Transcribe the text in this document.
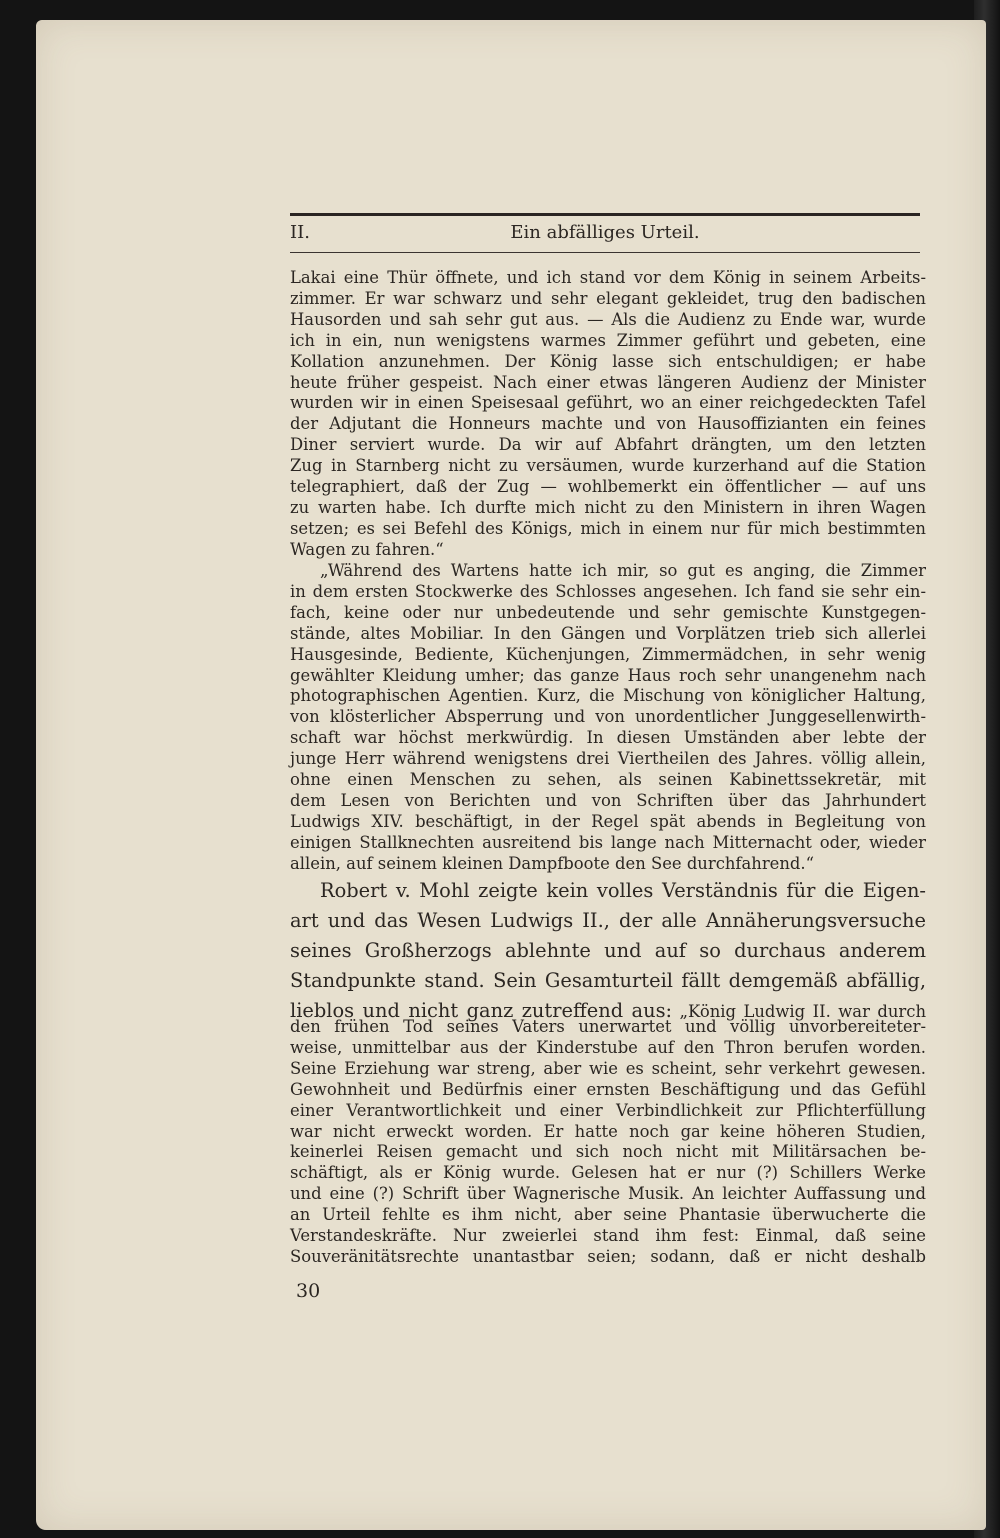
II.	Ein abfälliges Urteil.
Lakai eine Thür öffnete, und ich stand vor dem König in seinem Arbeits-
zimmer. Er war schwarz und sehr elegant gekleidet, trug den badischen
Hausorden und sah sehr gut aus. — Als die Audienz zu Ende war, wurde
ich in ein, nun wenigstens warmes Zimmer geführt und gebeten, eine
Kollation anzunehmen. Der König lasse sich entschuldigen; er habe
heute früher gespeist. Nach einer etwas längeren Audienz der Minister
wurden wir in einen Speisesaal geführt, wo an einer reichgedeckten Tafel
der Adjutant die Honneurs machte und von Hausoffizianten ein feines
Diner serviert wurde. Da wir auf Abfahrt drängten, um den letzten
Zug in Starnberg nicht zu versäumen, wurde kurzerhand auf die Station
telegraphiert, daß der Zug — wohlbemerkt ein öffentlicher — auf uns
zu warten habe. Ich durfte mich nicht zu den Ministern in ihren Wagen
setzen; es sei Befehl des Königs, mich in einem nur für mich bestimmten
Wagen zu fahren.“
„Während des Wartens hatte ich mir, so gut es anging, die Zimmer
in dem ersten Stockwerke des Schlosses angesehen. Ich fand sie sehr ein-
fach, keine oder nur unbedeutende und sehr gemischte Kunstgegen-
stände, altes Mobiliar. In den Gängen und Vorplätzen trieb sich allerlei
Hausgesinde, Bediente, Küchenjungen, Zimmermädchen, in sehr wenig
gewählter Kleidung umher; das ganze Haus roch sehr unangenehm nach
photographischen Agentien. Kurz, die Mischung von königlicher Haltung,
von klösterlicher Absperrung und von unordentlicher Junggesellenwirth-
schaft war höchst merkwürdig. In diesen Umständen aber lebte der
junge Herr während wenigstens drei Viertheilen des Jahres. völlig allein,
ohne einen Menschen zu sehen, als seinen Kabinettssekretär, mit
dem Lesen von Berichten und von Schriften über das Jahrhundert
Ludwigs XIV. beschäftigt, in der Regel spät abends in Begleitung von
einigen Stallknechten ausreitend bis lange nach Mitternacht oder, wieder
allein, auf seinem kleinen Dampfboote den See durchfahrend.“
Robert v. Mohl zeigte kein volles Verständnis für die Eigen-
art und das Wesen Ludwigs II., der alle Annäherungsversuche
seines Großherzogs ablehnte und auf so durchaus anderem
Standpunkte stand. Sein Gesamturteil fällt demgemäß abfällig,
lieblos und nicht ganz zutreffend aus: „König Ludwig II. war durch
den frühen Tod seines Vaters unerwartet und völlig unvorbereiteter-
weise, unmittelbar aus der Kinderstube auf den Thron berufen worden.
Seine Erziehung war streng, aber wie es scheint, sehr verkehrt gewesen.
Gewohnheit und Bedürfnis einer ernsten Beschäftigung und das Gefühl
einer Verantwortlichkeit und einer Verbindlichkeit zur Pflichterfüllung
war nicht erweckt worden. Er hatte noch gar keine höheren Studien,
keinerlei Reisen gemacht und sich noch nicht mit Militärsachen be-
schäftigt, als er König wurde. Gelesen hat er nur (?) Schillers Werke
und eine (?) Schrift über Wagnerische Musik. An leichter Auffassung und
an Urteil fehlte es ihm nicht, aber seine Phantasie überwucherte die
Verstandeskräfte. Nur zweierlei stand ihm fest: Einmal, daß seine
Souveränitätsrechte unantastbar seien; sodann, daß er nicht deshalb
30
